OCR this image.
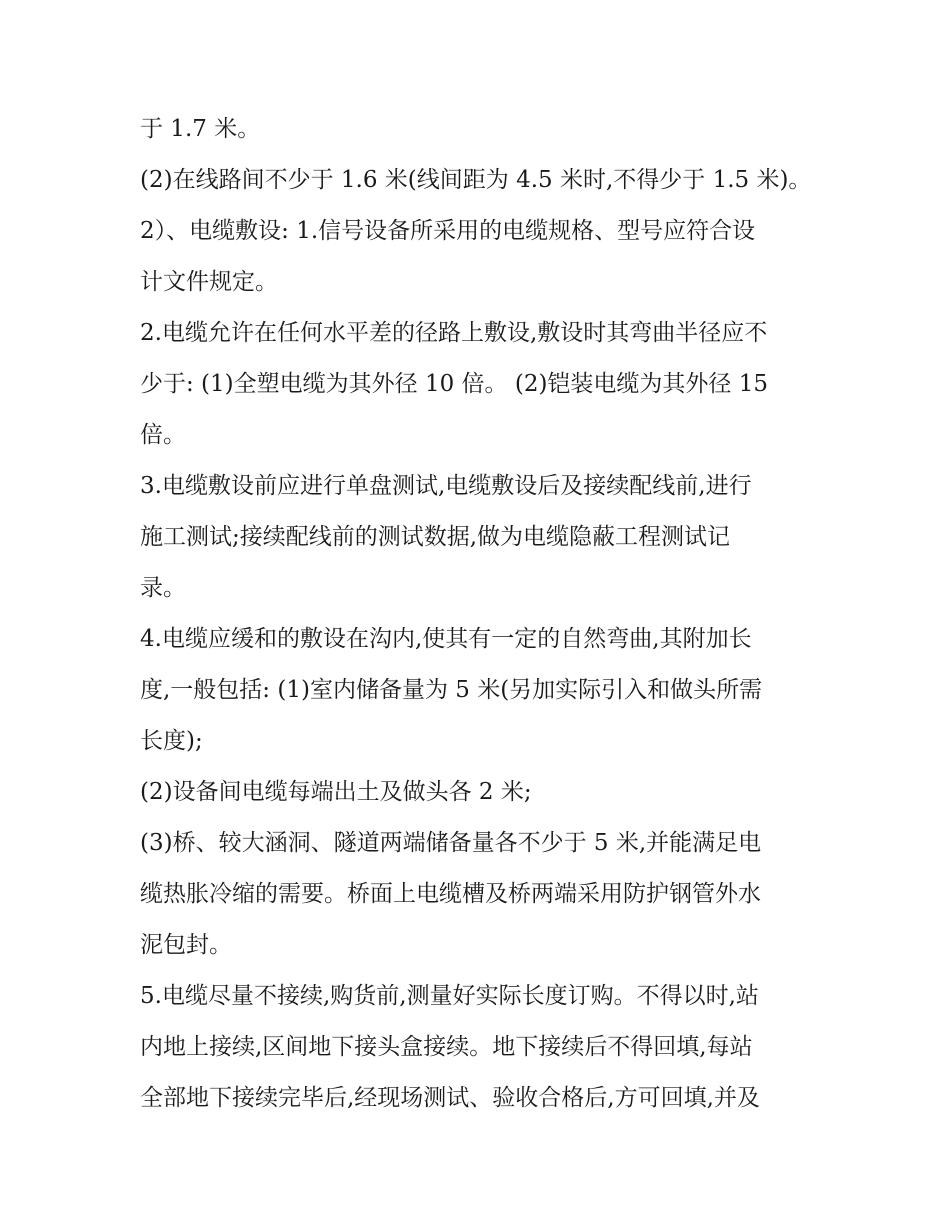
于 1.7 米。
(2)在线路间不少于 1.6 米(线间距为 4.5 米时,不得少于 1.5 米)。
2）、电缆敷设: 1.信号设备所采用的电缆规格、型号应符合设
计文件规定。
2.电缆允许在任何水平差的径路上敷设,敷设时其弯曲半径应不
少于: (1)全塑电缆为其外径 10 倍。 (2)铠装电缆为其外径 15
倍。
3.电缆敷设前应进行单盘测试,电缆敷设后及接续配线前,进行
施工测试;接续配线前的测试数据,做为电缆隐蔽工程测试记
录。
4.电缆应缓和的敷设在沟内,使其有一定的自然弯曲,其附加长
度,一般包括: (1)室内储备量为 5 米(另加实际引入和做头所需
长度);
(2)设备间电缆每端出土及做头各 2 米;
(3)桥、较大涵洞、隧道两端储备量各不少于 5 米,并能满足电
缆热胀冷缩的需要。桥面上电缆槽及桥两端采用防护钢管外水
泥包封。
5.电缆尽量不接续,购货前,测量好实际长度订购。不得以时,站
内地上接续,区间地下接头盒接续。地下接续后不得回填,每站
全部地下接续完毕后,经现场测试、验收合格后,方可回填,并及
